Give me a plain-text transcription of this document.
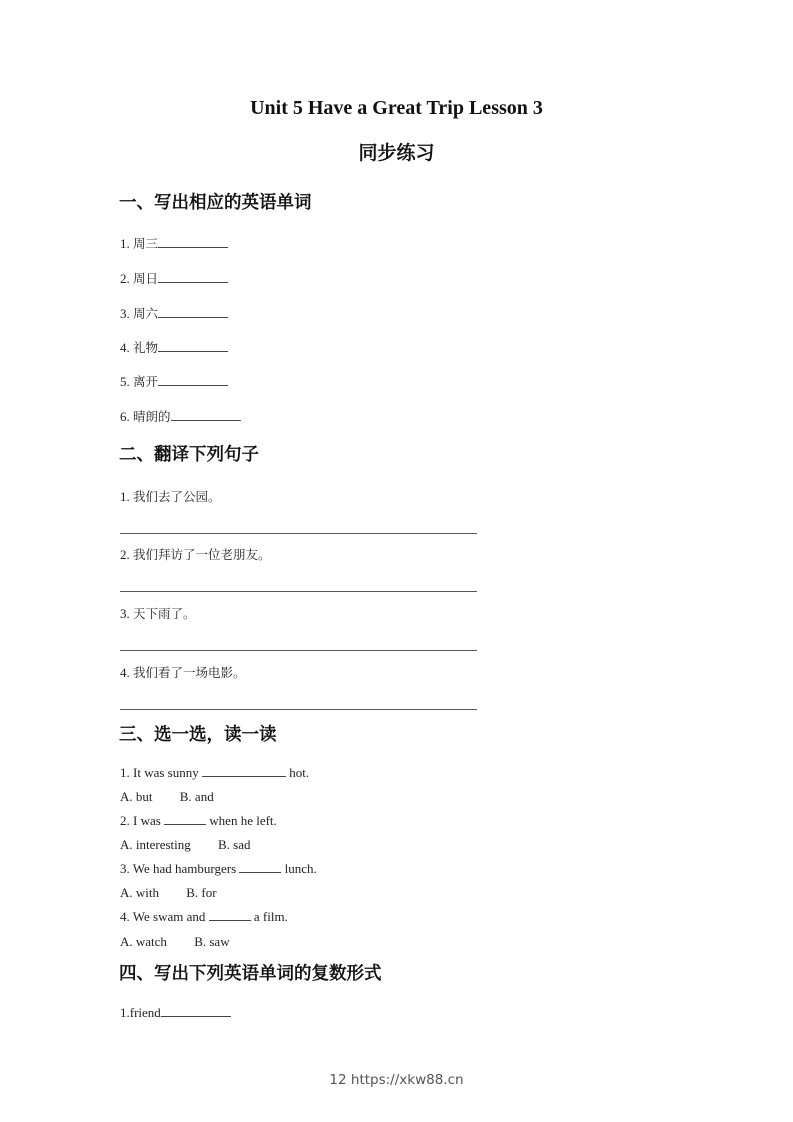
Unit 5 Have a Great Trip Lesson 3
同步练习
一、写出相应的英语单词
1. 周三
2. 周日
3. 周六
4. 礼物
5. 离开
6. 晴朗的
二、翻译下列句子
1. 我们去了公园。
2. 我们拜访了一位老朋友。
3. 天下雨了。
4. 我们看了一场电影。
三、选一选，读一读
1. It was sunny	hot.
A. but B. and
2. I was	when he left.
A. interesting B. sad
3. We had hamburgers	lunch.
A. with B. for
4. We swam and	a film.
A. watch B. saw
四、写出下列英语单词的复数形式
1.friend
12 https://xkw88.cn
